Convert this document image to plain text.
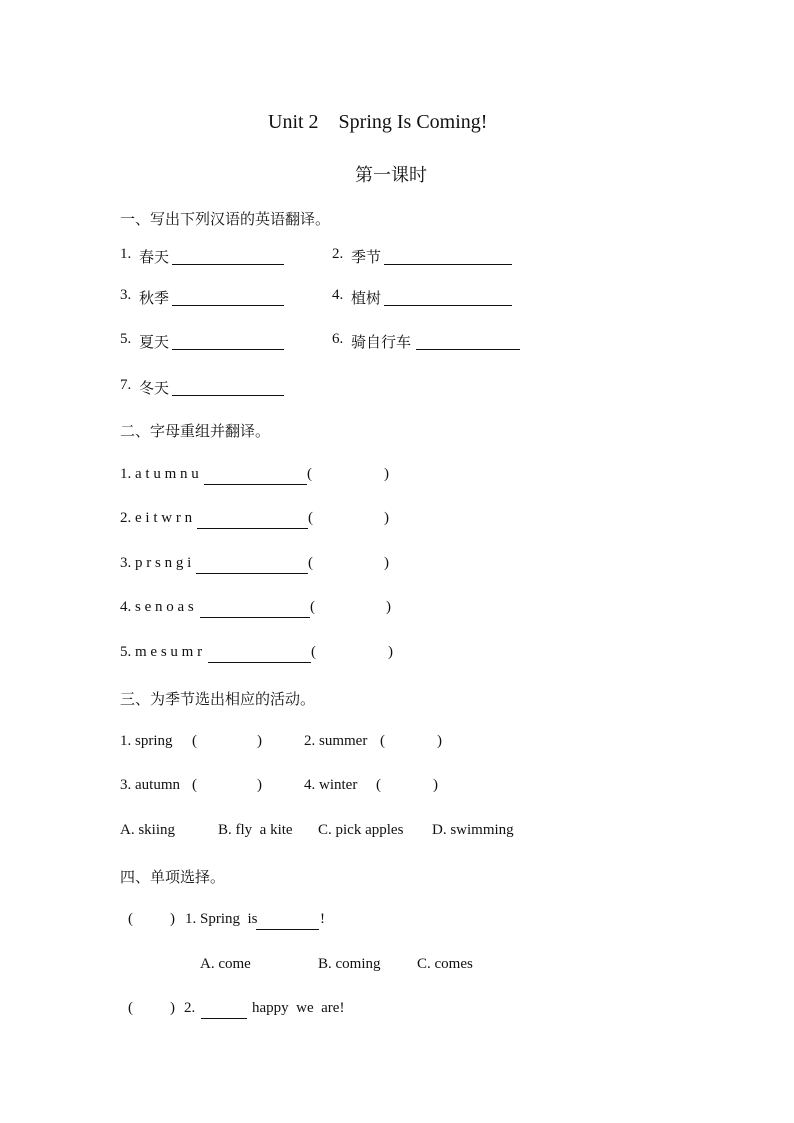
Unit 2　Spring Is Coming!
第一课时
一、写出下列汉语的英语翻译。
1. 春天	2. 季节
3. 秋季	4. 植树
5. 夏天	6. 骑自行车
7. 冬天
二、字母重组并翻译。
1. a t u m n u	(	)
2. e i t w r n	(	)
3. p r s n g i	(	)
4. s e n o a s	(	)
5. m e s u m r	(	)
三、为季节选出相应的活动。
1. spring (	)	2. summer (	)
3. autumn (	)	4. winter (	)
A. skiing	B. fly  a kite C. pick apples D. swimming
四、单项选择。
( ) 1. Spring  is	!
A. come	B. coming C. comes
( ) 2.	happy  we  are!
